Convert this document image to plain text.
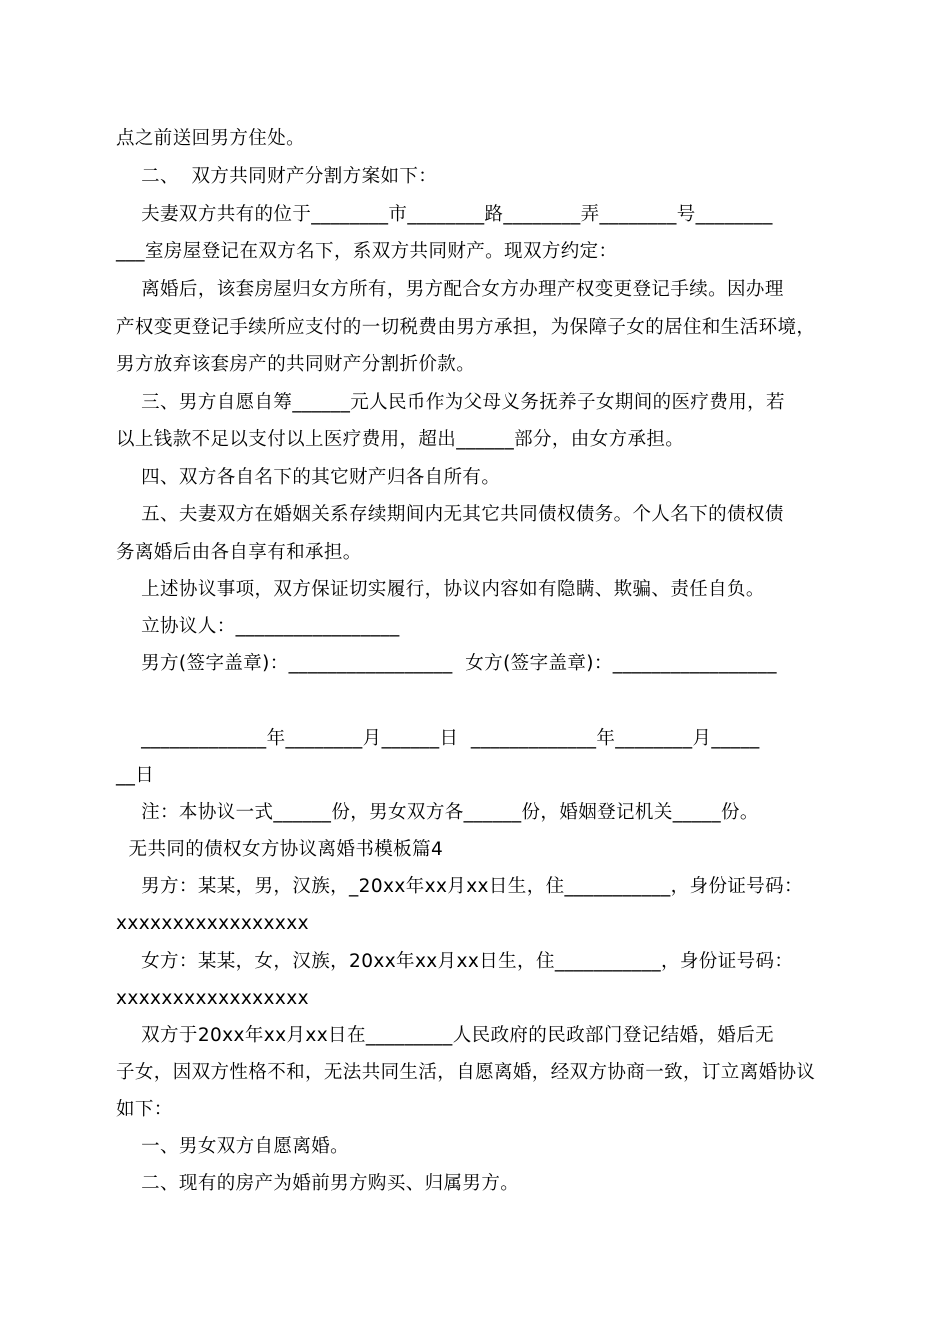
点之前送回男方住处。
二、  双方共同财产分割方案如下：
夫妻双方共有的位于________市________路________弄________号________
___室房屋登记在双方名下，系双方共同财产。现双方约定：
离婚后，该套房屋归女方所有，男方配合女方办理产权变更登记手续。因办理
产权变更登记手续所应支付的一切税费由男方承担，为保障子女的居住和生活环境，
男方放弃该套房产的共同财产分割折价款。
三、男方自愿自筹______元人民币作为父母义务抚养子女期间的医疗费用，若
以上钱款不足以支付以上医疗费用，超出______部分，由女方承担。
四、双方各自名下的其它财产归各自所有。
五、夫妻双方在婚姻关系存续期间内无其它共同债权债务。个人名下的债权债
务离婚后由各自享有和承担。
上述协议事项，双方保证切实履行，协议内容如有隐瞒、欺骗、责任自负。
立协议人：_________________
男方(签字盖章)：_________________  女方(签字盖章)：_________________
_____________年________月______日  _____________年________月_____
__日
注：本协议一式______份，男女双方各______份，婚姻登记机关_____份。
无共同的债权女方协议离婚书模板篇4
男方：某某，男，汉族，_20xx年xx月xx日生，住___________，身份证号码：
xxxxxxxxxxxxxxxxx
女方：某某，女，汉族，20xx年xx月xx日生，住___________，身份证号码：
xxxxxxxxxxxxxxxxx
双方于20xx年xx月xx日在_________人民政府的民政部门登记结婚，婚后无
子女，因双方性格不和，无法共同生活，自愿离婚，经双方协商一致，订立离婚协议
如下：
一、男女双方自愿离婚。
二、现有的房产为婚前男方购买、归属男方。
